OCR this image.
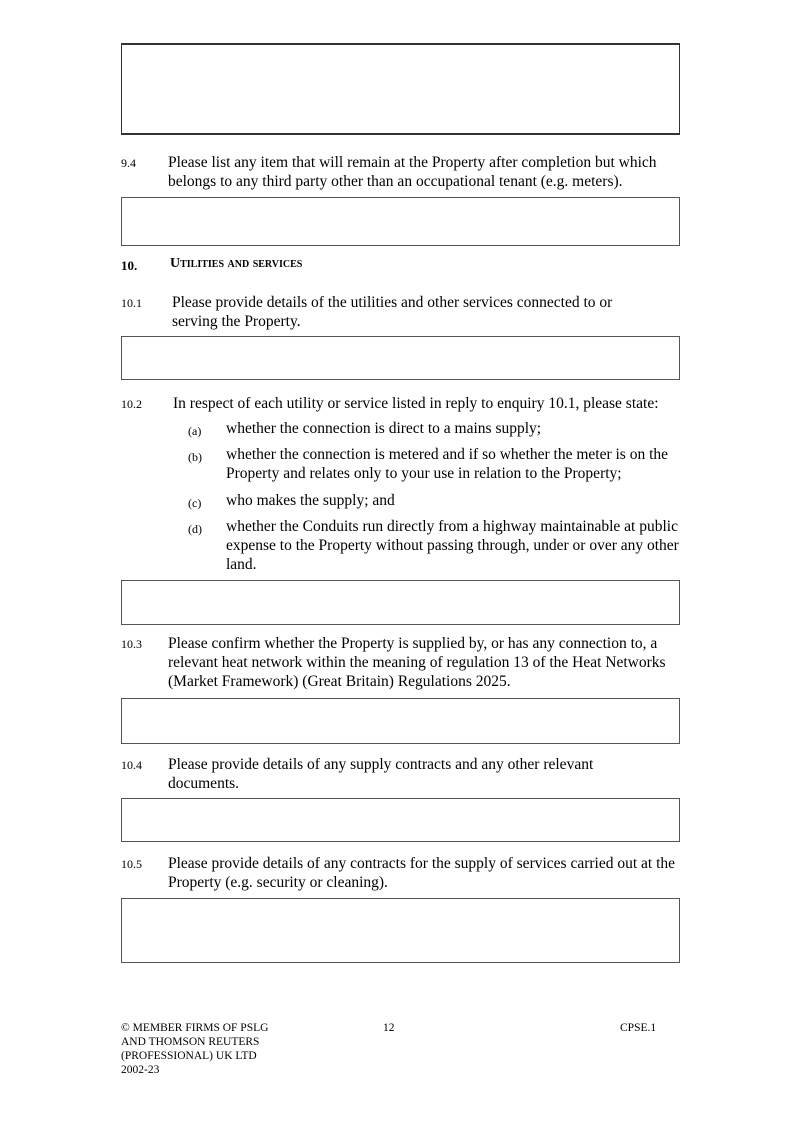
9.4 Please list any item that will remain at the Property after completion but which belongs to any third party other than an occupational tenant (e.g. meters).
10. Utilities and services
10.1 Please provide details of the utilities and other services connected to or serving the Property.
10.2 In respect of each utility or service listed in reply to enquiry 10.1, please state:
(a) whether the connection is direct to a mains supply;
(b) whether the connection is metered and if so whether the meter is on the Property and relates only to your use in relation to the Property;
(c) who makes the supply; and
(d) whether the Conduits run directly from a highway maintainable at public expense to the Property without passing through, under or over any other land.
10.3 Please confirm whether the Property is supplied by, or has any connection to, a relevant heat network within the meaning of regulation 13 of the Heat Networks (Market Framework) (Great Britain) Regulations 2025.
10.4 Please provide details of any supply contracts and any other relevant documents.
10.5 Please provide details of any contracts for the supply of services carried out at the Property (e.g. security or cleaning).
© MEMBER FIRMS OF PSLG
AND THOMSON REUTERS
(PROFESSIONAL) UK LTD
2002-23
12	CPSE.1
